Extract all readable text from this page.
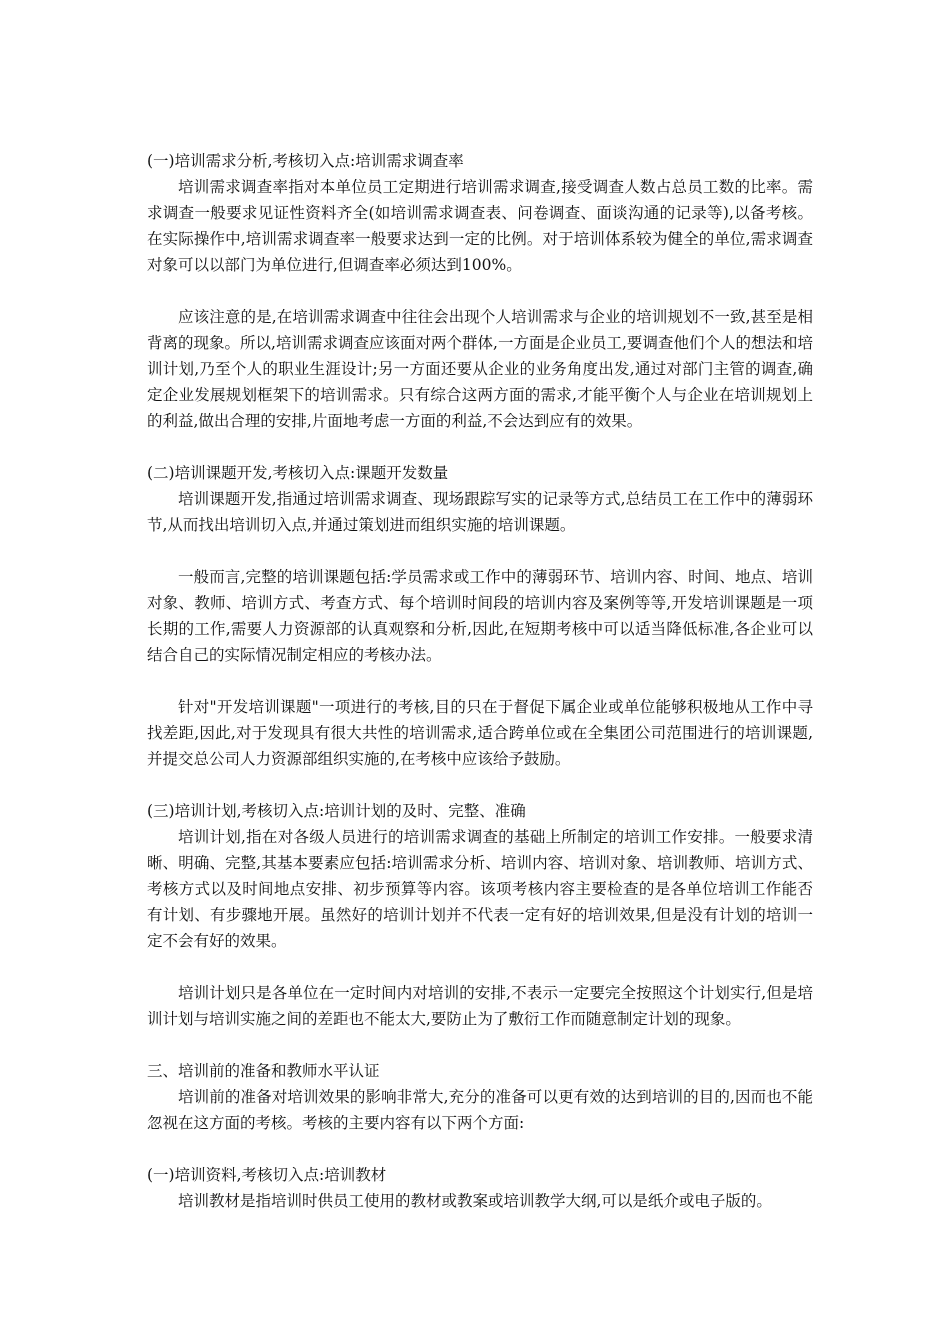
(一)培训需求分析,考核切入点:培训需求调查率

培训需求调查率指对本单位员工定期进行培训需求调查,接受调查人数占总员工数的比率。需求调查一般要求见证性资料齐全(如培训需求调查表、问卷调查、面谈沟通的记录等),以备考核。在实际操作中,培训需求调查率一般要求达到一定的比例。对于培训体系较为健全的单位,需求调查对象可以以部门为单位进行,但调查率必须达到100%。

应该注意的是,在培训需求调查中往往会出现个人培训需求与企业的培训规划不一致,甚至是相背离的现象。所以,培训需求调查应该面对两个群体,一方面是企业员工,要调查他们个人的想法和培训计划,乃至个人的职业生涯设计;另一方面还要从企业的业务角度出发,通过对部门主管的调查,确定企业发展规划框架下的培训需求。只有综合这两方面的需求,才能平衡个人与企业在培训规划上的利益,做出合理的安排,片面地考虑一方面的利益,不会达到应有的效果。

(二)培训课题开发,考核切入点:课题开发数量

培训课题开发,指通过培训需求调查、现场跟踪写实的记录等方式,总结员工在工作中的薄弱环节,从而找出培训切入点,并通过策划进而组织实施的培训课题。

一般而言,完整的培训课题包括:学员需求或工作中的薄弱环节、培训内容、时间、地点、培训对象、教师、培训方式、考查方式、每个培训时间段的培训内容及案例等等,开发培训课题是一项长期的工作,需要人力资源部的认真观察和分析,因此,在短期考核中可以适当降低标准,各企业可以结合自己的实际情况制定相应的考核办法。

针对"开发培训课题"一项进行的考核,目的只在于督促下属企业或单位能够积极地从工作中寻找差距,因此,对于发现具有很大共性的培训需求,适合跨单位或在全集团公司范围进行的培训课题,并提交总公司人力资源部组织实施的,在考核中应该给予鼓励。

(三)培训计划,考核切入点:培训计划的及时、完整、准确

培训计划,指在对各级人员进行的培训需求调查的基础上所制定的培训工作安排。一般要求清晰、明确、完整,其基本要素应包括:培训需求分析、培训内容、培训对象、培训教师、培训方式、考核方式以及时间地点安排、初步预算等内容。该项考核内容主要检查的是各单位培训工作能否有计划、有步骤地开展。虽然好的培训计划并不代表一定有好的培训效果,但是没有计划的培训一定不会有好的效果。

培训计划只是各单位在一定时间内对培训的安排,不表示一定要完全按照这个计划实行,但是培训计划与培训实施之间的差距也不能太大,要防止为了敷衍工作而随意制定计划的现象。

三、培训前的准备和教师水平认证

培训前的准备对培训效果的影响非常大,充分的准备可以更有效的达到培训的目的,因而也不能忽视在这方面的考核。考核的主要内容有以下两个方面:

(一)培训资料,考核切入点:培训教材

培训教材是指培训时供员工使用的教材或教案或培训教学大纲,可以是纸介或电子版的。
